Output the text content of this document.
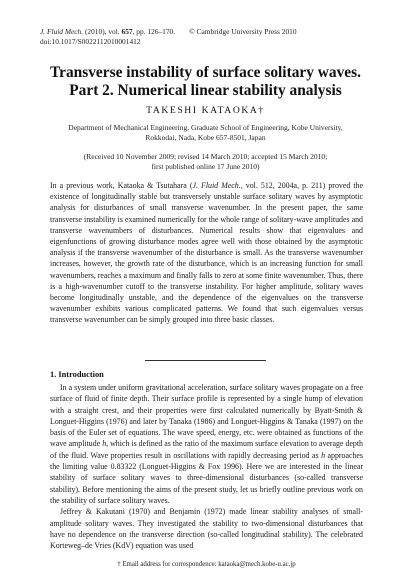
J. Fluid Mech. (2010), vol. 657, pp. 126–170. © Cambridge University Press 2010
doi:10.1017/S0022112010001412
Transverse instability of surface solitary waves.
Part 2. Numerical linear stability analysis
TAKESHI KATAOKA†
Department of Mechanical Engineering, Graduate School of Engineering, Kobe University,
Rokkodai, Nada, Kobe 657-8501, Japan
(Received 10 November 2009; revised 14 March 2010; accepted 15 March 2010;
first published online 17 June 2010)
In a previous work, Kataoka & Tsutahara (J. Fluid Mech., vol. 512, 2004a, p. 211) proved the existence of longitudinally stable but transversely unstable surface solitary waves by asymptotic analysis for disturbances of small transverse wavenumber. In the present paper, the same transverse instability is examined numerically for the whole range of solitary-wave amplitudes and transverse wavenumbers of disturbances. Numerical results show that eigenvalues and eigenfunctions of growing disturbance modes agree well with those obtained by the asymptotic analysis if the transverse wavenumber of the disturbance is small. As the transverse wavenumber increases, however, the growth rate of the disturbance, which is an increasing function for small wavenumbers, reaches a maximum and finally falls to zero at some finite wavenumber. Thus, there is a high-wavenumber cutoff to the transverse instability. For higher amplitude, solitary waves become longitudinally unstable, and the dependence of the eigenvalues on the transverse wavenumber exhibits various complicated patterns. We found that such eigenvalues versus transverse wavenumber can be simply grouped into three basic classes.
1. Introduction

In a system under uniform gravitational acceleration, surface solitary waves propagate on a free surface of fluid of finite depth. Their surface profile is represented by a single hump of elevation with a straight crest, and their properties were first calculated numerically by Byatt-Smith & Longuet-Higgins (1976) and later by Tanaka (1986) and Longuet-Higgins & Tanaka (1997) on the basis of the Euler set of equations. The wave speed, energy, etc. were obtained as functions of the wave amplitude h, which is defined as the ratio of the maximum surface elevation to average depth of the fluid. Wave properties result in oscillations with rapidly decreasing period as h approaches the limiting value 0.83322 (Longuet-Higgins & Fox 1996). Here we are interested in the linear stability of surface solitary waves to three-dimensional disturbances (so-called transverse stability). Before mentioning the aims of the present study, let us briefly outline previous work on the stability of surface solitary waves.

Jeffrey & Kakutani (1970) and Benjamin (1972) made linear stability analyses of small-amplitude solitary waves. They investigated the stability to two-dimensional disturbances that have no dependence on the transverse direction (so-called longitudinal stability). The celebrated Korteweg–de Vries (KdV) equation was used

† Email address for correspondence: kataoka@mech.kobe-u.ac.jp
